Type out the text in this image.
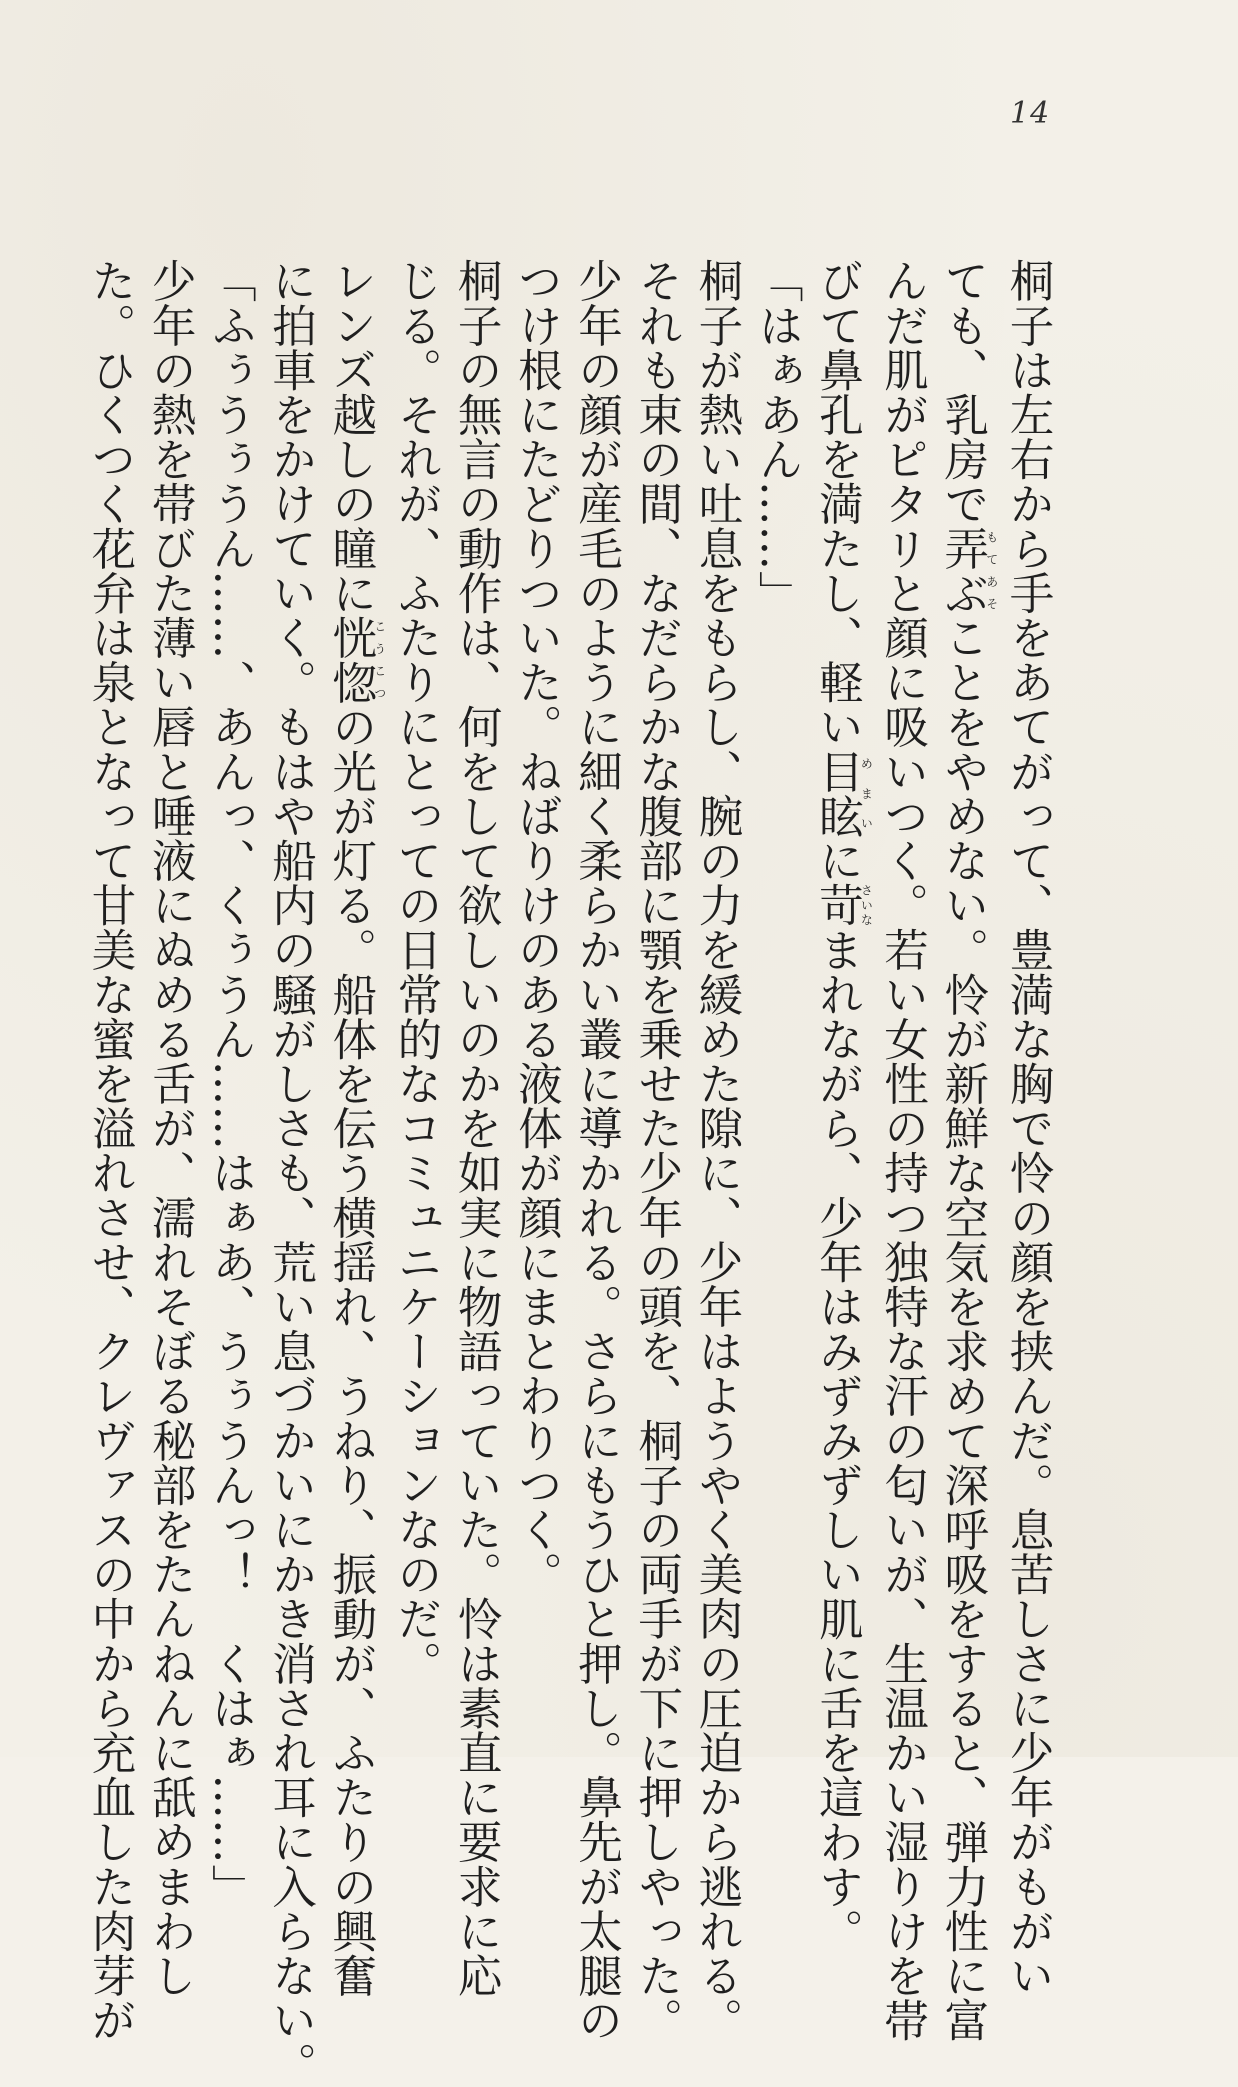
14
桐子は左右から手をあてがって、豊満な胸で怜の顔を挟んだ。息苦しさに少年がもがい
ても、乳房で弄ぶもてあそことをやめない。怜が新鮮な空気を求めて深呼吸をすると、弾力性に富
んだ肌がピタリと顔に吸いつく。若い女性の持つ独特な汗の匂いが、生温かい湿りけを帯
びて鼻孔を満たし、軽い目眩めまいに苛さいなまれながら、少年はみずみずしい肌に舌を這わす。
「はぁあん……」
桐子が熱い吐息をもらし、腕の力を緩めた隙に、少年はようやく美肉の圧迫から逃れる。
それも束の間、なだらかな腹部に顎を乗せた少年の頭を、桐子の両手が下に押しやった。
少年の顔が産毛のように細く柔らかい叢に導かれる。さらにもうひと押し。鼻先が太腿の
つけ根にたどりついた。ねばりけのある液体が顔にまとわりつく。
桐子の無言の動作は、何をして欲しいのかを如実に物語っていた。怜は素直に要求に応
じる。それが、ふたりにとっての日常的なコミュニケーションなのだ。
レンズ越しの瞳に恍惚こうこつの光が灯る。船体を伝う横揺れ、うねり、振動が、ふたりの興奮
に拍車をかけていく。もはや船内の騒がしさも、荒い息づかいにかき消され耳に入らない。
「ふぅうぅうん……、あんっ、くぅうん……はぁあ、うぅうんっ！　くはぁ……」
少年の熱を帯びた薄い唇と唾液にぬめる舌が、濡れそぼる秘部をたんねんに舐めまわし
た。ひくつく花弁は泉となって甘美な蜜を溢れさせ、クレヴァスの中から充血した肉芽が
